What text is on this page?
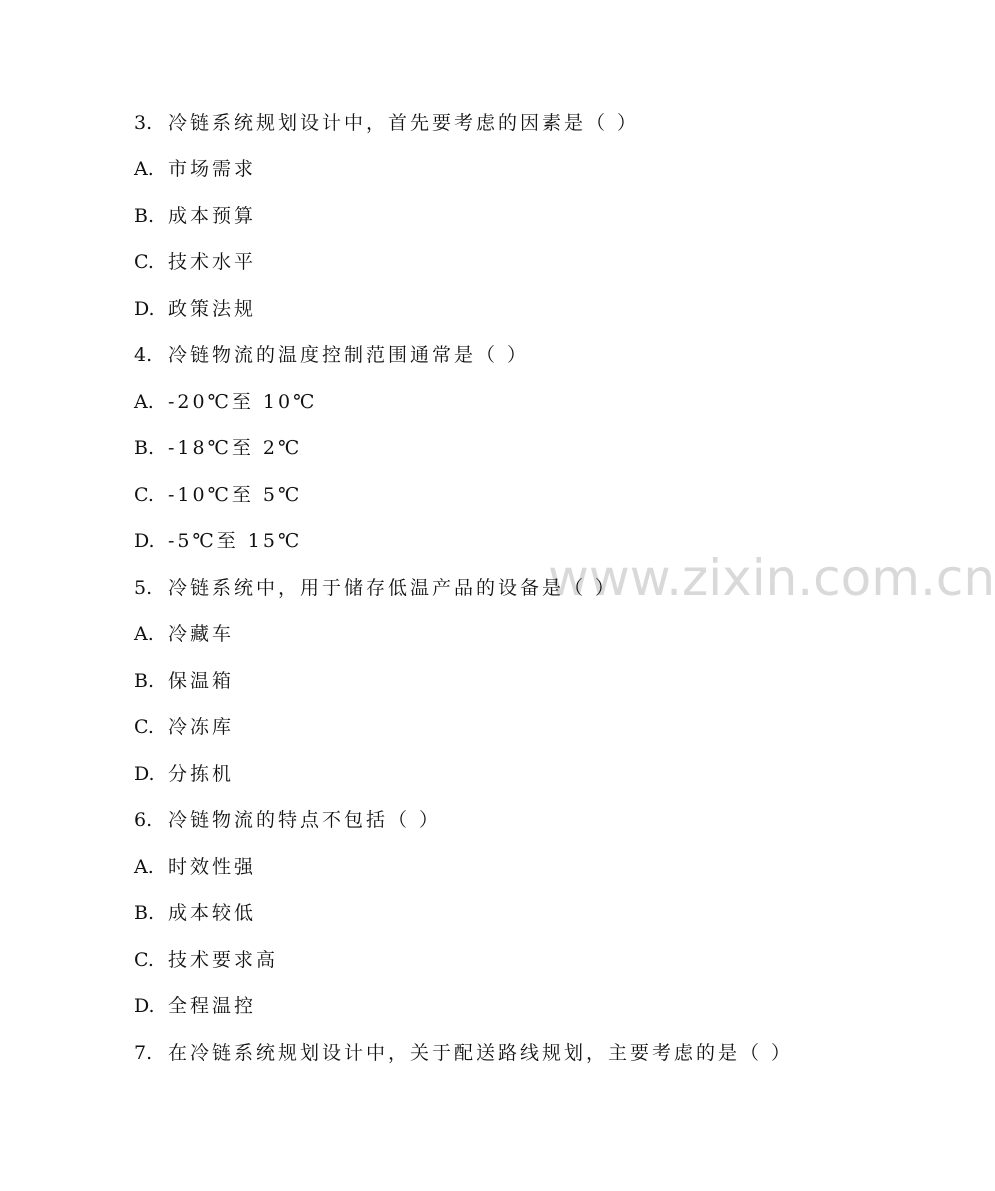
www.zixin.com.cn
3. 冷链系统规划设计中，首先要考虑的因素是（ ）
A. 市场需求
B. 成本预算
C. 技术水平
D. 政策法规
4. 冷链物流的温度控制范围通常是（ ）
A. -20℃至 10℃
B. -18℃至 2℃
C. -10℃至 5℃
D. -5℃至 15℃
5. 冷链系统中，用于储存低温产品的设备是（ ）
A. 冷藏车
B. 保温箱
C. 冷冻库
D. 分拣机
6. 冷链物流的特点不包括（ ）
A. 时效性强
B. 成本较低
C. 技术要求高
D. 全程温控
7. 在冷链系统规划设计中，关于配送路线规划，主要考虑的是（ ）
